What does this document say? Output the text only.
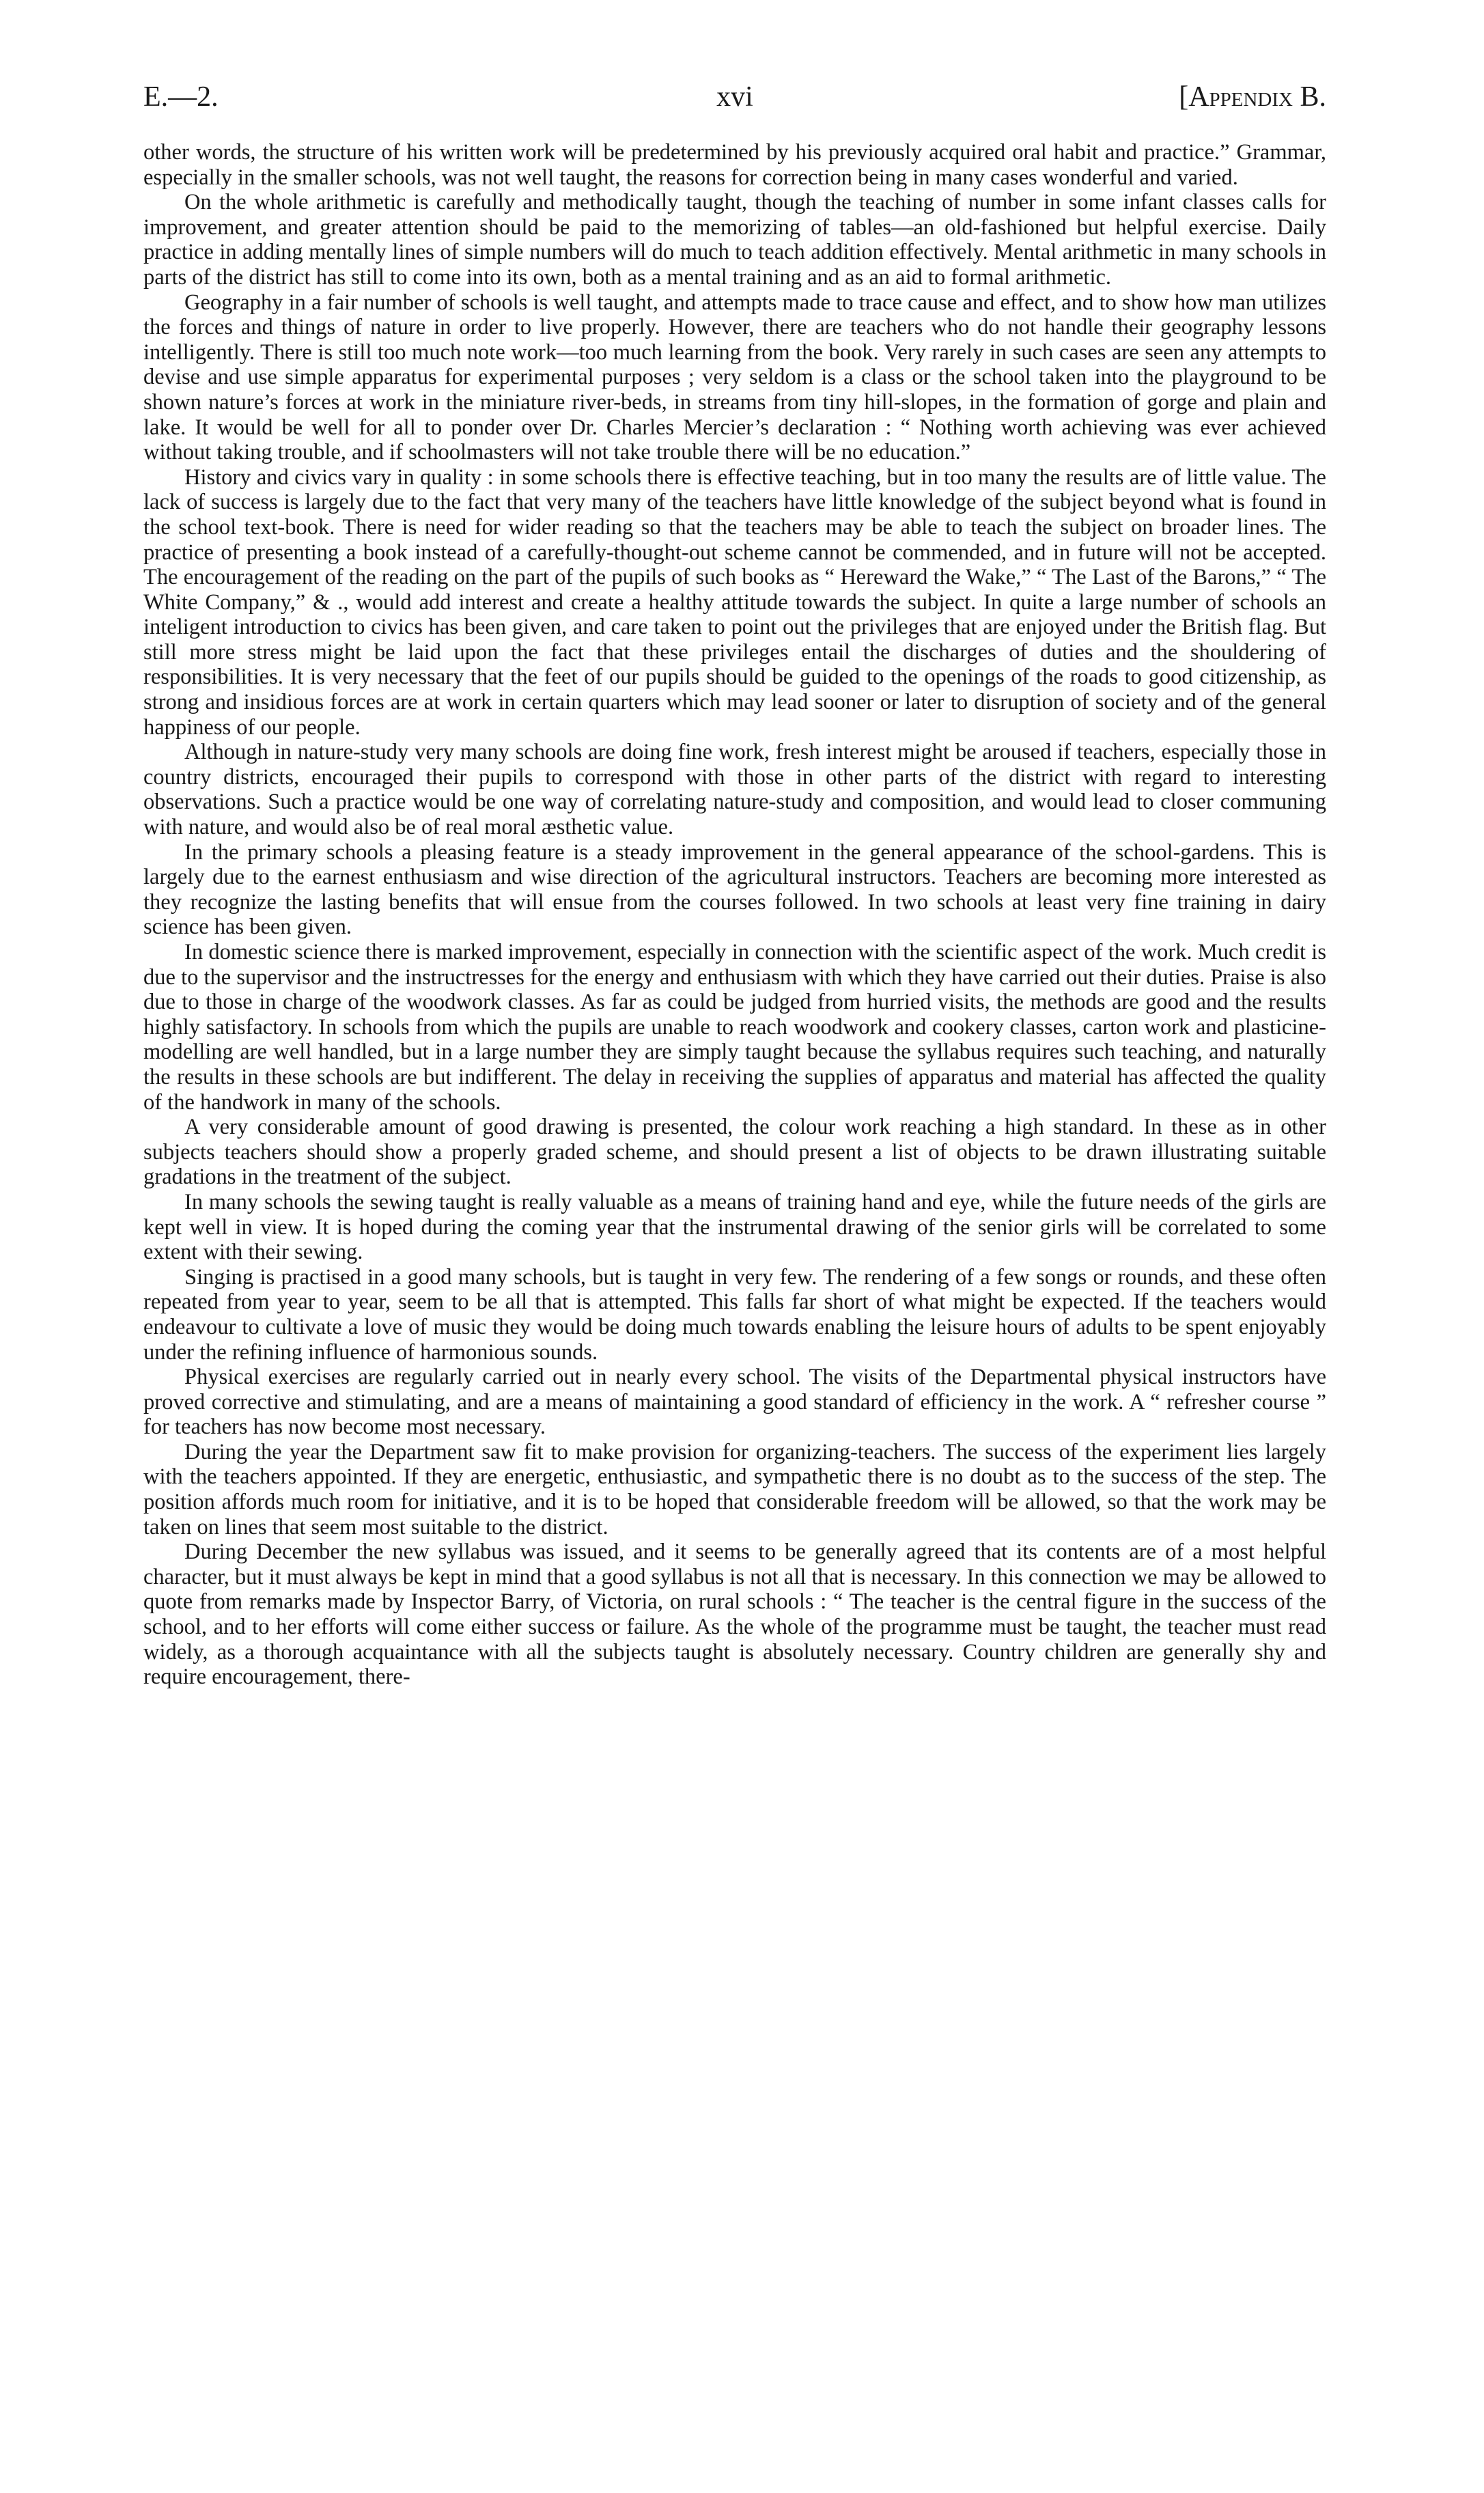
E.—2.	xvi	[Appendix B.

other words, the structure of his written work will be predetermined by his previously acquired oral habit and practice.” Grammar, especially in the smaller schools, was not well taught, the reasons for correction being in many cases wonderful and varied.

On the whole arithmetic is carefully and methodically taught, though the teaching of number in some infant classes calls for improvement, and greater attention should be paid to the memorizing of tables—an old-fashioned but helpful exercise. Daily practice in adding mentally lines of simple numbers will do much to teach addition effectively. Mental arithmetic in many schools in parts of the district has still to come into its own, both as a mental training and as an aid to formal arithmetic.

Geography in a fair number of schools is well taught, and attempts made to trace cause and effect, and to show how man utilizes the forces and things of nature in order to live properly. However, there are teachers who do not handle their geography lessons intelligently. There is still too much note work—too much learning from the book. Very rarely in such cases are seen any attempts to devise and use simple apparatus for experimental purposes ; very seldom is a class or the school taken into the playground to be shown nature’s forces at work in the miniature river-beds, in streams from tiny hill-slopes, in the formation of gorge and plain and lake. It would be well for all to ponder over Dr. Charles Mercier’s declaration : “ Nothing worth achieving was ever achieved without taking trouble, and if schoolmasters will not take trouble there will be no education.”

History and civics vary in quality : in some schools there is effective teaching, but in too many the results are of little value. The lack of success is largely due to the fact that very many of the teachers have little knowledge of the subject beyond what is found in the school text-book. There is need for wider reading so that the teachers may be able to teach the subject on broader lines. The practice of presenting a book instead of a carefully-thought-out scheme cannot be commended, and in future will not be accepted. The encouragement of the reading on the part of the pupils of such books as “ Hereward the Wake,” “ The Last of the Barons,” “ The White Company,” & ., would add interest and create a healthy attitude towards the subject. In quite a large number of schools an inteligent introduction to civics has been given, and care taken to point out the privileges that are enjoyed under the British flag. But still more stress might be laid upon the fact that these privileges entail the discharges of duties and the shouldering of responsibilities. It is very necessary that the feet of our pupils should be guided to the openings of the roads to good citizenship, as strong and insidious forces are at work in certain quarters which may lead sooner or later to disruption of society and of the general happiness of our people.

Although in nature-study very many schools are doing fine work, fresh interest might be aroused if teachers, especially those in country districts, encouraged their pupils to correspond with those in other parts of the district with regard to interesting observations. Such a practice would be one way of correlating nature-study and composition, and would lead to closer communing with nature, and would also be of real moral æsthetic value.

In the primary schools a pleasing feature is a steady improvement in the general appearance of the school-gardens. This is largely due to the earnest enthusiasm and wise direction of the agricultural instructors. Teachers are becoming more interested as they recognize the lasting benefits that will ensue from the courses followed. In two schools at least very fine training in dairy science has been given.

In domestic science there is marked improvement, especially in connection with the scientific aspect of the work. Much credit is due to the supervisor and the instructresses for the energy and enthusiasm with which they have carried out their duties. Praise is also due to those in charge of the woodwork classes. As far as could be judged from hurried visits, the methods are good and the results highly satisfactory. In schools from which the pupils are unable to reach woodwork and cookery classes, carton work and plasticine-modelling are well handled, but in a large number they are simply taught because the syllabus requires such teaching, and naturally the results in these schools are but indifferent. The delay in receiving the supplies of apparatus and material has affected the quality of the handwork in many of the schools.

A very considerable amount of good drawing is presented, the colour work reaching a high standard. In these as in other subjects teachers should show a properly graded scheme, and should present a list of objects to be drawn illustrating suitable gradations in the treatment of the subject.

In many schools the sewing taught is really valuable as a means of training hand and eye, while the future needs of the girls are kept well in view. It is hoped during the coming year that the instrumental drawing of the senior girls will be correlated to some extent with their sewing.

Singing is practised in a good many schools, but is taught in very few. The rendering of a few songs or rounds, and these often repeated from year to year, seem to be all that is attempted. This falls far short of what might be expected. If the teachers would endeavour to cultivate a love of music they would be doing much towards enabling the leisure hours of adults to be spent enjoyably under the refining influence of harmonious sounds.

Physical exercises are regularly carried out in nearly every school. The visits of the Departmental physical instructors have proved corrective and stimulating, and are a means of maintaining a good standard of efficiency in the work. A “ refresher course ” for teachers has now become most necessary.

During the year the Department saw fit to make provision for organizing-teachers. The success of the experiment lies largely with the teachers appointed. If they are energetic, enthusiastic, and sympathetic there is no doubt as to the success of the step. The position affords much room for initiative, and it is to be hoped that considerable freedom will be allowed, so that the work may be taken on lines that seem most suitable to the district.

During December the new syllabus was issued, and it seems to be generally agreed that its contents are of a most helpful character, but it must always be kept in mind that a good syllabus is not all that is necessary. In this connection we may be allowed to quote from remarks made by Inspector Barry, of Victoria, on rural schools : “ The teacher is the central figure in the success of the school, and to her efforts will come either success or failure. As the whole of the programme must be taught, the teacher must read widely, as a thorough acquaintance with all the subjects taught is absolutely necessary. Country children are generally shy and require encouragement, there-
